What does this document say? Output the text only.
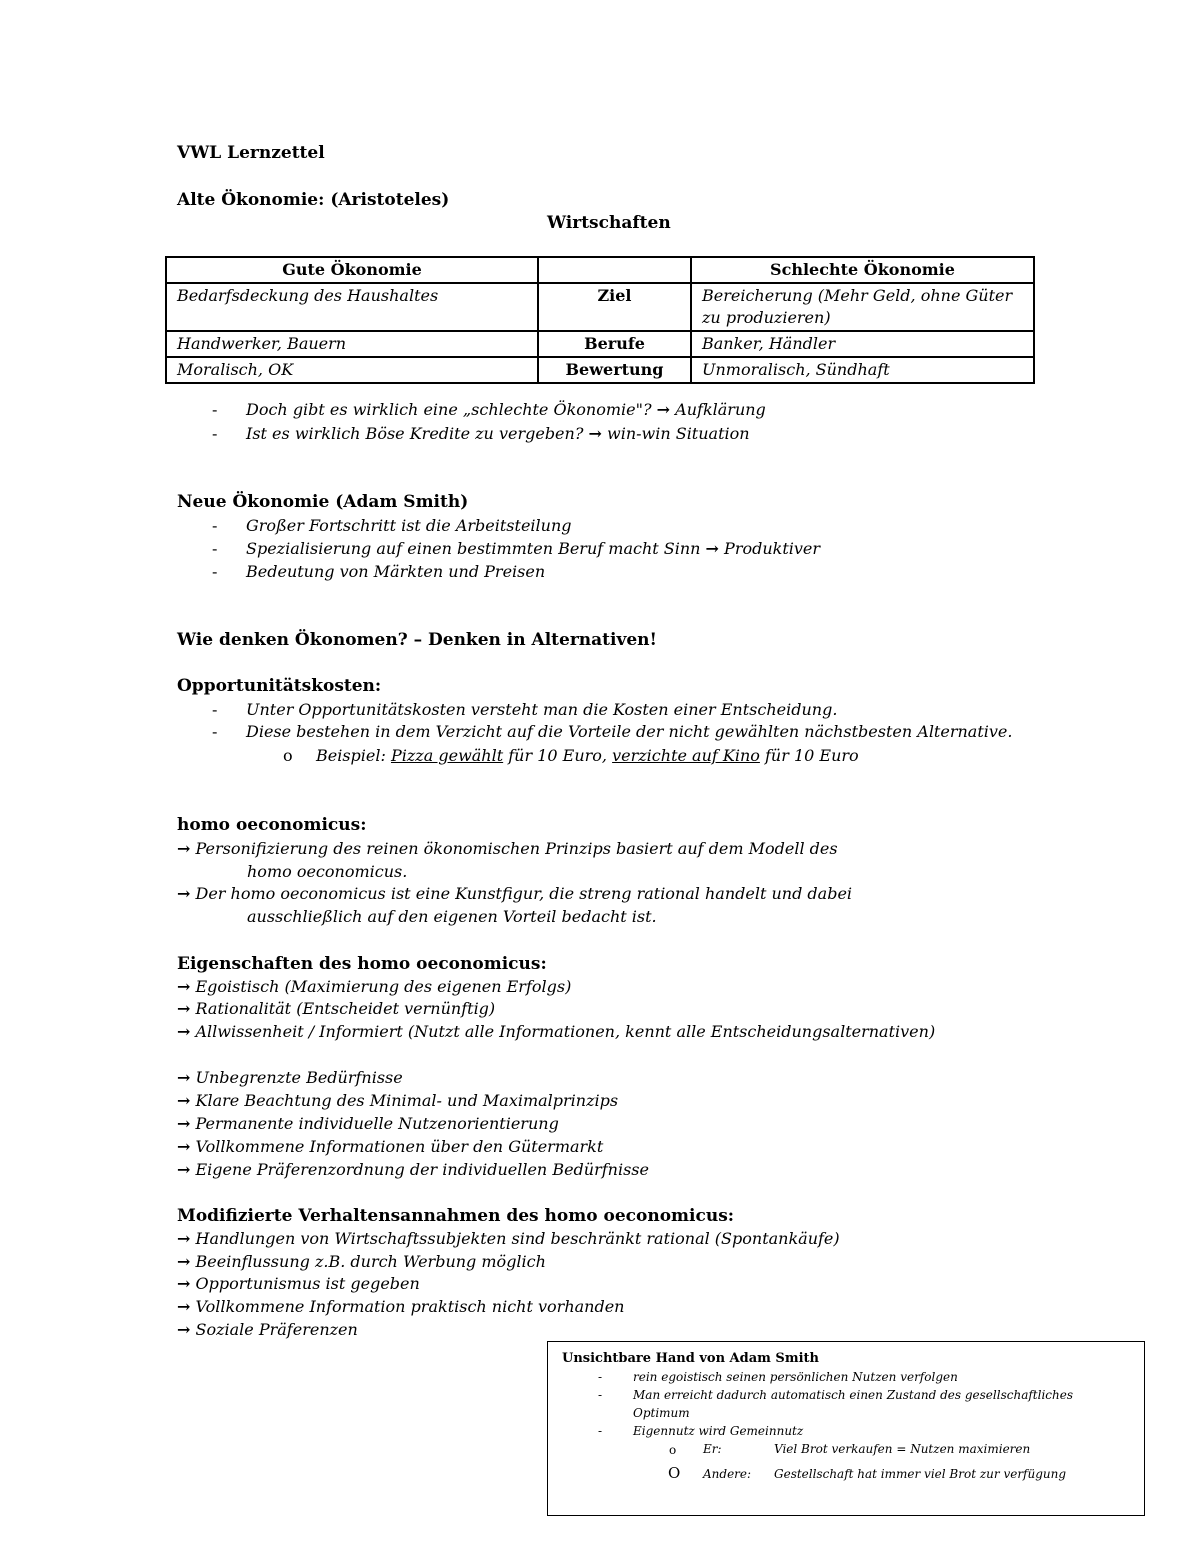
VWL Lernzettel
Alte Ökonomie: (Aristoteles)
Wirtschaften
Gute Ökonomie		Schlechte Ökonomie
Bedarfsdeckung des Haushaltes	Ziel	Bereicherung (Mehr Geld, ohne Güter
zu produzieren)
Handwerker, Bauern	Berufe	Banker, Händler
Moralisch, OK	Bewertung	Unmoralisch, Sündhaft
- Doch gibt es wirklich eine „schlechte Ökonomie"? → Aufklärung
- Ist es wirklich Böse Kredite zu vergeben? → win-win Situation
Neue Ökonomie (Adam Smith)
- Großer Fortschritt ist die Arbeitsteilung
- Spezialisierung auf einen bestimmten Beruf macht Sinn → Produktiver
- Bedeutung von Märkten und Preisen
Wie denken Ökonomen? – Denken in Alternativen!
Opportunitätskosten:
- Unter Opportunitätskosten versteht man die Kosten einer Entscheidung.
- Diese bestehen in dem Verzicht auf die Vorteile der nicht gewählten nächstbesten Alternative.
o Beispiel: Pizza gewählt für 10 Euro, verzichte auf Kino für 10 Euro
homo oeconomicus:
→ Personifizierung des reinen ökonomischen Prinzips basiert auf dem Modell des
homo oeconomicus.
→ Der homo oeconomicus ist eine Kunstfigur, die streng rational handelt und dabei
ausschließlich auf den eigenen Vorteil bedacht ist.
Eigenschaften des homo oeconomicus:
→ Egoistisch (Maximierung des eigenen Erfolgs)
→ Rationalität (Entscheidet vernünftig)
→ Allwissenheit / Informiert (Nutzt alle Informationen, kennt alle Entscheidungsalternativen)
→ Unbegrenzte Bedürfnisse
→ Klare Beachtung des Minimal- und Maximalprinzips
→ Permanente individuelle Nutzenorientierung
→ Vollkommene Informationen über den Gütermarkt
→ Eigene Präferenzordnung der individuellen Bedürfnisse
Modifizierte Verhaltensannahmen des homo oeconomicus:
→ Handlungen von Wirtschaftssubjekten sind beschränkt rational (Spontankäufe)
→ Beeinflussung z.B. durch Werbung möglich
→ Opportunismus ist gegeben
→ Vollkommene Information praktisch nicht vorhanden
→ Soziale Präferenzen
Unsichtbare Hand von Adam Smith
-	rein egoistisch seinen persönlichen Nutzen verfolgen
-	Man erreicht dadurch automatisch einen Zustand des gesellschaftliches
Optimum
-	Eigennutz wird Gemeinnutz
o Er:	Viel Brot verkaufen = Nutzen maximieren
O Andere: Gestellschaft hat immer viel Brot zur verfügung
